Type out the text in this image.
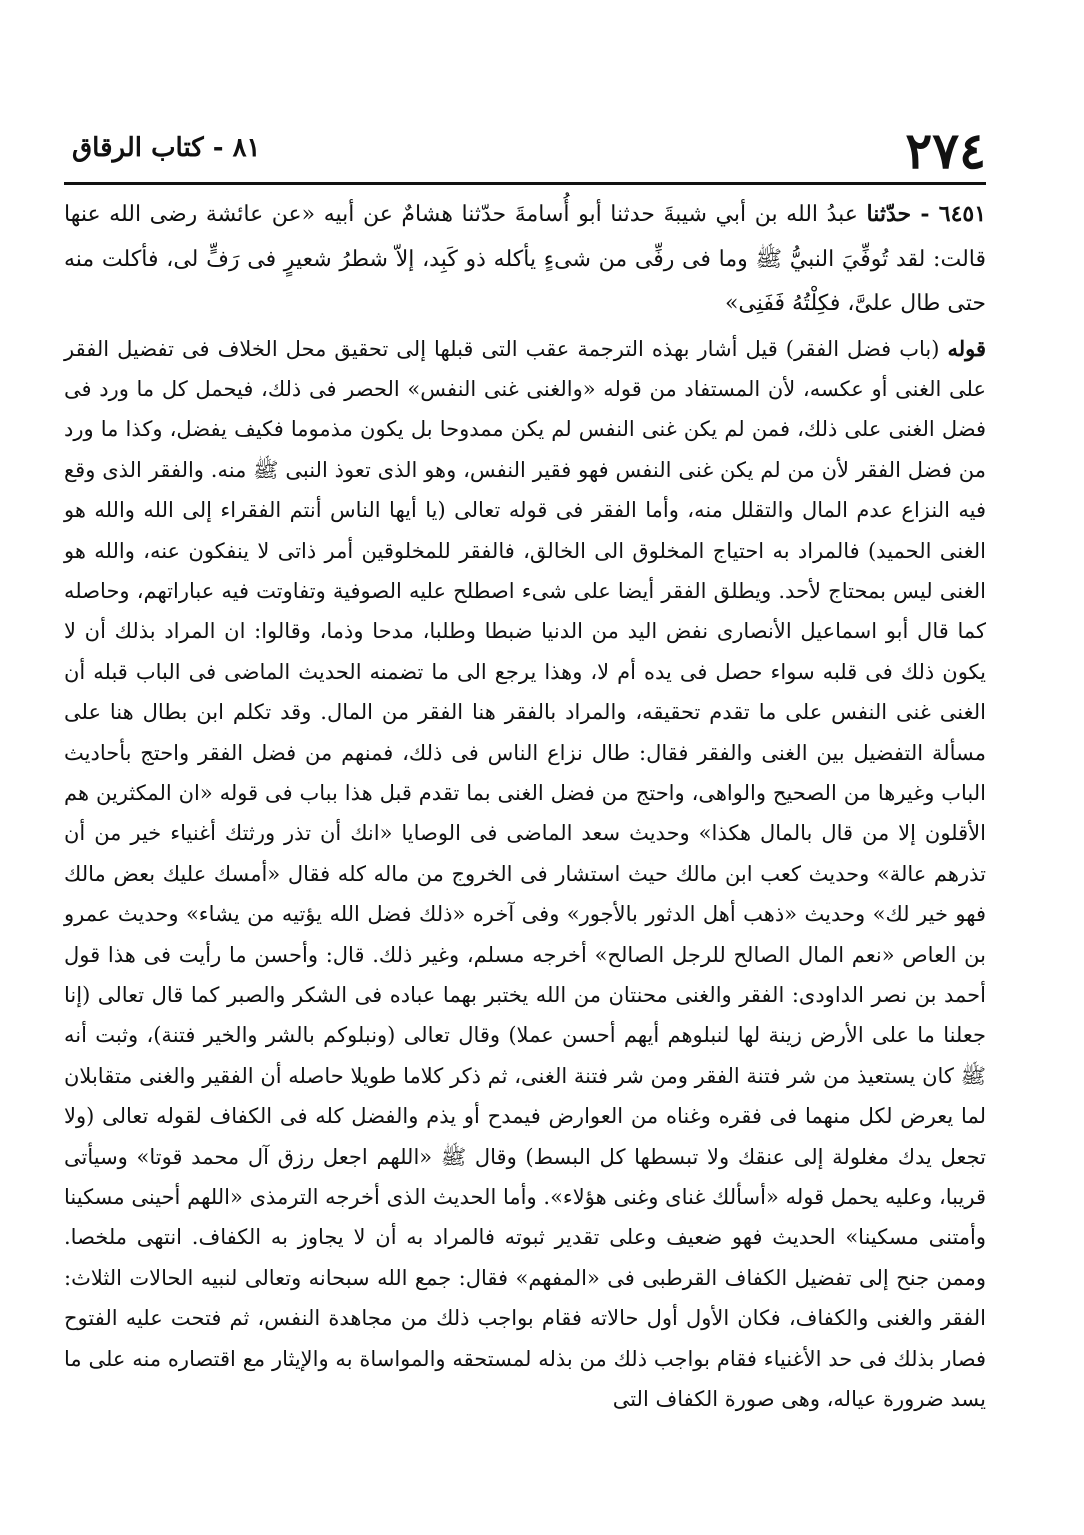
٢٧٤
٨١ - كتاب الرقاق

٦٤٥١ - حدّثنا عبدُ الله بن أبي شيبةَ حدثنا أبو أُسامةَ حدّثنا هشامٌ عن أبيه «عن عائشة رضى الله عنها قالت: لقد تُوفِّيَ النبيُّ ﷺ وما فى رفِّى من شىءٍ يأكله ذو كَبِد، إلاّ شطرُ شعيرٍ فى رَفٍّ لى، فأكلت منه حتى طال علىَّ، فكِلْتُهُ فَفَنِى»

قوله (باب فضل الفقر) قيل أشار بهذه الترجمة عقب التى قبلها إلى تحقيق محل الخلاف فى تفضيل الفقر على الغنى أو عكسه، لأن المستفاد من قوله «والغنى غنى النفس» الحصر فى ذلك، فيحمل كل ما ورد فى فضل الغنى على ذلك، فمن لم يكن غنى النفس لم يكن ممدوحا بل يكون مذموما فكيف يفضل، وكذا ما ورد من فضل الفقر لأن من لم يكن غنى النفس فهو فقير النفس، وهو الذى تعوذ النبى ﷺ منه. والفقر الذى وقع فيه النزاع عدم المال والتقلل منه، وأما الفقر فى قوله تعالى (يا أيها الناس أنتم الفقراء إلى الله والله هو الغنى الحميد) فالمراد به احتياج المخلوق الى الخالق، فالفقر للمخلوقين أمر ذاتى لا ينفكون عنه، والله هو الغنى ليس بمحتاج لأحد. ويطلق الفقر أيضا على شىء اصطلح عليه الصوفية وتفاوتت فيه عباراتهم، وحاصله كما قال أبو اسماعيل الأنصارى نفض اليد من الدنيا ضبطا وطلبا، مدحا وذما، وقالوا: ان المراد بذلك أن لا يكون ذلك فى قلبه سواء حصل فى يده أم لا، وهذا يرجع الى ما تضمنه الحديث الماضى فى الباب قبله أن الغنى غنى النفس على ما تقدم تحقيقه، والمراد بالفقر هنا الفقر من المال. وقد تكلم ابن بطال هنا على مسألة التفضيل بين الغنى والفقر فقال: طال نزاع الناس فى ذلك، فمنهم من فضل الفقر واحتج بأحاديث الباب وغيرها من الصحيح والواهى، واحتج من فضل الغنى بما تقدم قبل هذا بباب فى قوله «ان المكثرين هم الأقلون إلا من قال بالمال هكذا» وحديث سعد الماضى فى الوصايا «انك أن تذر ورثتك أغنياء خير من أن تذرهم عالة» وحديث كعب ابن مالك حيث استشار فى الخروج من ماله كله فقال «أمسك عليك بعض مالك فهو خير لك» وحديث «ذهب أهل الدثور بالأجور» وفى آخره «ذلك فضل الله يؤتيه من يشاء» وحديث عمرو بن العاص «نعم المال الصالح للرجل الصالح» أخرجه مسلم، وغير ذلك. قال: وأحسن ما رأيت فى هذا قول أحمد بن نصر الداودى: الفقر والغنى محنتان من الله يختبر بهما عباده فى الشكر والصبر كما قال تعالى (إنا جعلنا ما على الأرض زينة لها لنبلوهم أيهم أحسن عملا) وقال تعالى (ونبلوكم بالشر والخير فتنة)، وثبت أنه ﷺ كان يستعيذ من شر فتنة الفقر ومن شر فتنة الغنى، ثم ذكر كلاما طويلا حاصله أن الفقير والغنى متقابلان لما يعرض لكل منهما فى فقره وغناه من العوارض فيمدح أو يذم والفضل كله فى الكفاف لقوله تعالى (ولا تجعل يدك مغلولة إلى عنقك ولا تبسطها كل البسط) وقال ﷺ «اللهم اجعل رزق آل محمد قوتا» وسيأتى قريبا، وعليه يحمل قوله «أسألك غناى وغنى هؤلاء». وأما الحديث الذى أخرجه الترمذى «اللهم أحينى مسكينا وأمتنى مسكينا» الحديث فهو ضعيف وعلى تقدير ثبوته فالمراد به أن لا يجاوز به الكفاف. انتهى ملخصا. وممن جنح إلى تفضيل الكفاف القرطبى فى «المفهم» فقال: جمع الله سبحانه وتعالى لنبيه الحالات الثلاث: الفقر والغنى والكفاف، فكان الأول أول حالاته فقام بواجب ذلك من مجاهدة النفس، ثم فتحت عليه الفتوح فصار بذلك فى حد الأغنياء فقام بواجب ذلك من بذله لمستحقه والمواساة به والإيثار مع اقتصاره منه على ما يسد ضرورة عياله، وهى صورة الكفاف التى
